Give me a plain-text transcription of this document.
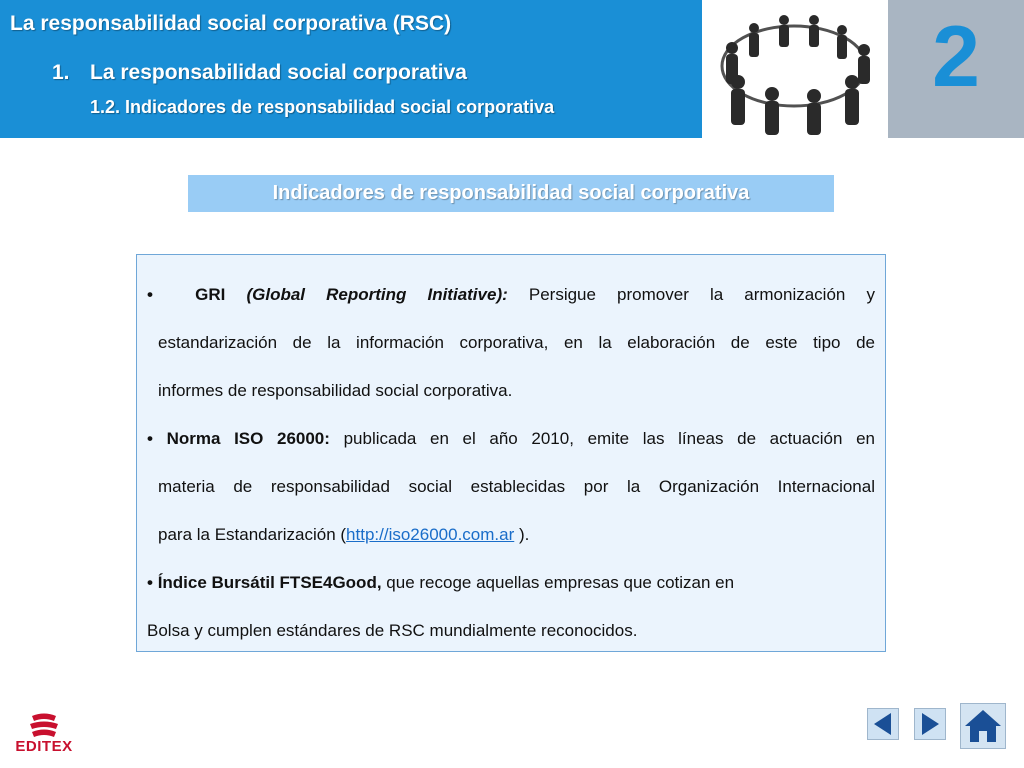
La responsabilidad social corporativa (RSC)
1. La responsabilidad social corporativa
1.2. Indicadores de responsabilidad social corporativa
2
Indicadores de responsabilidad social corporativa
• GRI (Global Reporting Initiative): Persigue promover la armonización y
estandarización de la información corporativa, en la elaboración de este tipo de
informes de responsabilidad social corporativa.
• Norma ISO 26000: publicada en el año 2010, emite las líneas de actuación en
materia de responsabilidad social establecidas por la Organización Internacional
para la Estandarización (http://iso26000.com.ar ).
• Índice Bursátil FTSE4Good, que recoge aquellas empresas que cotizan en
Bolsa y cumplen estándares de RSC mundialmente reconocidos.
EDITEX
